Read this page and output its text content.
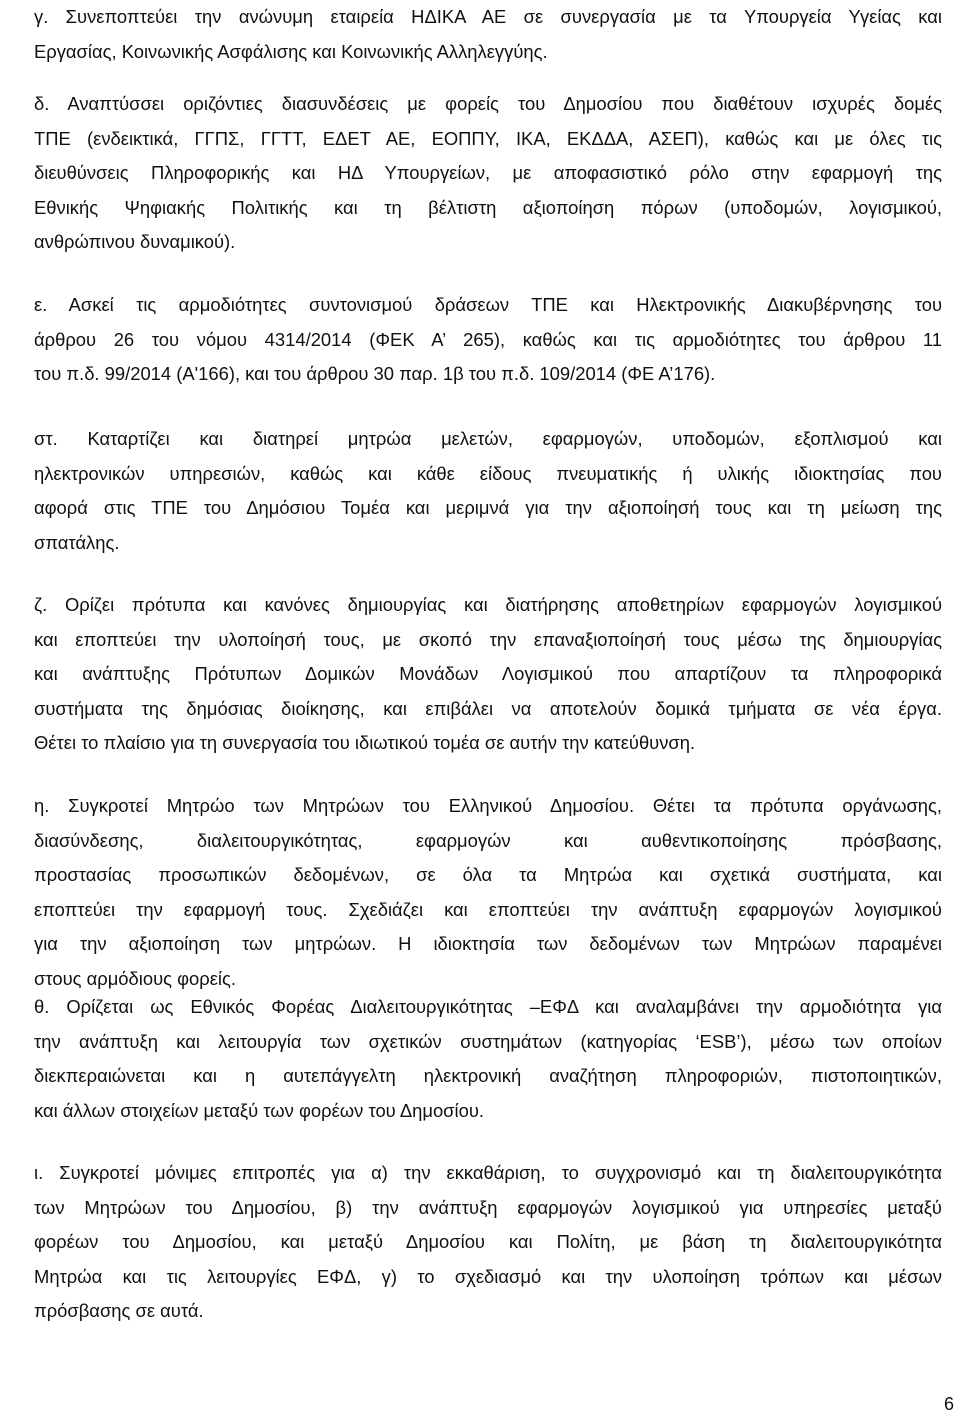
γ. Συνεποπτεύει την ανώνυμη εταιρεία ΗΔΙΚΑ ΑΕ σε συνεργασία με τα Υπουργεία Υγείας και
Εργασίας, Κοινωνικής Ασφάλισης και Κοινωνικής Αλληλεγγύης.
δ. Αναπτύσσει οριζόντιες διασυνδέσεις με φορείς του Δημοσίου που διαθέτουν ισχυρές δομές
ΤΠΕ (ενδεικτικά, ΓΓΠΣ, ΓΓΤΤ, ΕΔΕΤ ΑΕ, ΕΟΠΠΥ, ΙΚΑ, ΕΚΔΔΑ, ΑΣΕΠ), καθώς και με όλες τις
διευθύνσεις Πληροφορικής και ΗΔ Υπουργείων, με αποφασιστικό ρόλο στην εφαρμογή της
Εθνικής Ψηφιακής Πολιτικής και τη βέλτιστη αξιοποίηση πόρων (υποδομών, λογισμικού,
ανθρώπινου δυναμικού).
ε. Ασκεί τις αρμοδιότητες συντονισμού δράσεων ΤΠΕ και Ηλεκτρονικής Διακυβέρνησης του
άρθρου 26 του νόμου 4314/2014 (ΦΕΚ Α’ 265), καθώς και τις αρμοδιότητες του άρθρου 11
του π.δ. 99/2014 (Α'166), και του άρθρου 30 παρ. 1β του π.δ. 109/2014 (ΦΕ Α’176).
στ. Καταρτίζει και διατηρεί μητρώα μελετών, εφαρμογών, υποδομών, εξοπλισμού και
ηλεκτρονικών υπηρεσιών, καθώς και κάθε είδους πνευματικής ή υλικής ιδιοκτησίας που
αφορά στις ΤΠΕ του Δημόσιου Τομέα και μεριμνά για την αξιοποίησή τους και τη μείωση της
σπατάλης.
ζ. Ορίζει πρότυπα και κανόνες δημιουργίας και διατήρησης αποθετηρίων εφαρμογών λογισμικού
και εποπτεύει την υλοποίησή τους, με σκοπό την επαναξιοποίησή τους μέσω της δημιουργίας
και ανάπτυξης Πρότυπων Δομικών Μονάδων Λογισμικού που απαρτίζουν τα πληροφορικά
συστήματα της δημόσιας διοίκησης, και επιβάλει να αποτελούν δομικά τμήματα σε νέα έργα.
Θέτει το πλαίσιο για τη συνεργασία του ιδιωτικού τομέα σε αυτήν την κατεύθυνση.
η. Συγκροτεί Μητρώο των Μητρώων του Ελληνικού Δημοσίου. Θέτει τα πρότυπα οργάνωσης,
διασύνδεσης, διαλειτουργικότητας, εφαρμογών και αυθεντικοποίησης πρόσβασης,
προστασίας προσωπικών δεδομένων, σε όλα τα Μητρώα και σχετικά συστήματα, και
εποπτεύει την εφαρμογή τους. Σχεδιάζει και εποπτεύει την ανάπτυξη εφαρμογών λογισμικού
για την αξιοποίηση των μητρώων. Η ιδιοκτησία των δεδομένων των Μητρώων παραμένει
στους αρμόδιους φορείς.
θ. Ορίζεται ως Εθνικός Φορέας Διαλειτουργικότητας –ΕΦΔ και αναλαμβάνει την αρμοδιότητα για
την ανάπτυξη και λειτουργία των σχετικών συστημάτων (κατηγορίας ‘ESB’), μέσω των οποίων
διεκπεραιώνεται και η αυτεπάγγελτη ηλεκτρονική αναζήτηση πληροφοριών, πιστοποιητικών,
και άλλων στοιχείων μεταξύ των φορέων του Δημοσίου.
ι. Συγκροτεί μόνιμες επιτροπές για α) την εκκαθάριση, το συγχρονισμό και τη διαλειτουργικότητα
των Μητρώων του Δημοσίου, β) την ανάπτυξη εφαρμογών λογισμικού για υπηρεσίες μεταξύ
φορέων του Δημοσίου, και μεταξύ Δημοσίου και Πολίτη, με βάση τη διαλειτουργικότητα
Μητρώα και τις λειτουργίες ΕΦΔ, γ) το σχεδιασμό και την υλοποίηση τρόπων και μέσων
πρόσβασης σε αυτά.
6
